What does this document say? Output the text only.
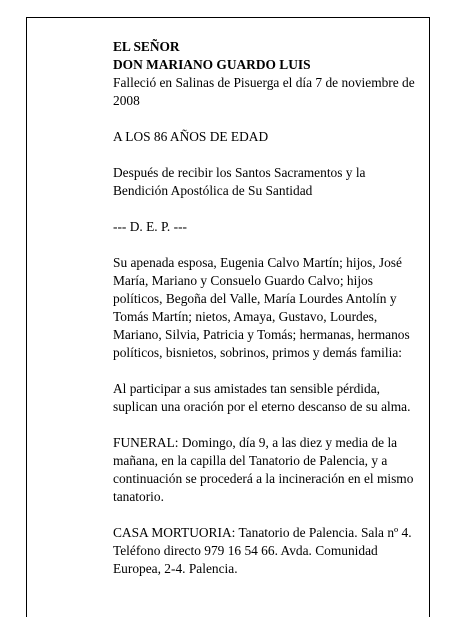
EL SEÑOR
DON MARIANO GUARDO LUIS

Falleció en Salinas de Pisuerga el día 7 de noviembre de 2008

A LOS 86 AÑOS DE EDAD

Después de recibir los Santos Sacramentos y la Bendición Apostólica de Su Santidad

--- D. E. P. ---

Su apenada esposa, Eugenia Calvo Martín; hijos, José María, Mariano y Consuelo Guardo Calvo; hijos políticos, Begoña del Valle, María Lourdes Antolín y Tomás Martín; nietos, Amaya, Gustavo, Lourdes, Mariano, Silvia, Patricia y Tomás; hermanas, hermanos políticos, bisnietos, sobrinos, primos y demás familia:

Al participar a sus amistades tan sensible pérdida, suplican una oración por el eterno descanso de su alma.

FUNERAL: Domingo, día 9, a las diez y media de la mañana, en la capilla del Tanatorio de Palencia, y a continuación se procederá a la incineración en el mismo tanatorio.

CASA MORTUORIA: Tanatorio de Palencia. Sala nº 4. Teléfono directo 979 16 54 66. Avda. Comunidad Europea, 2-4. Palencia.
